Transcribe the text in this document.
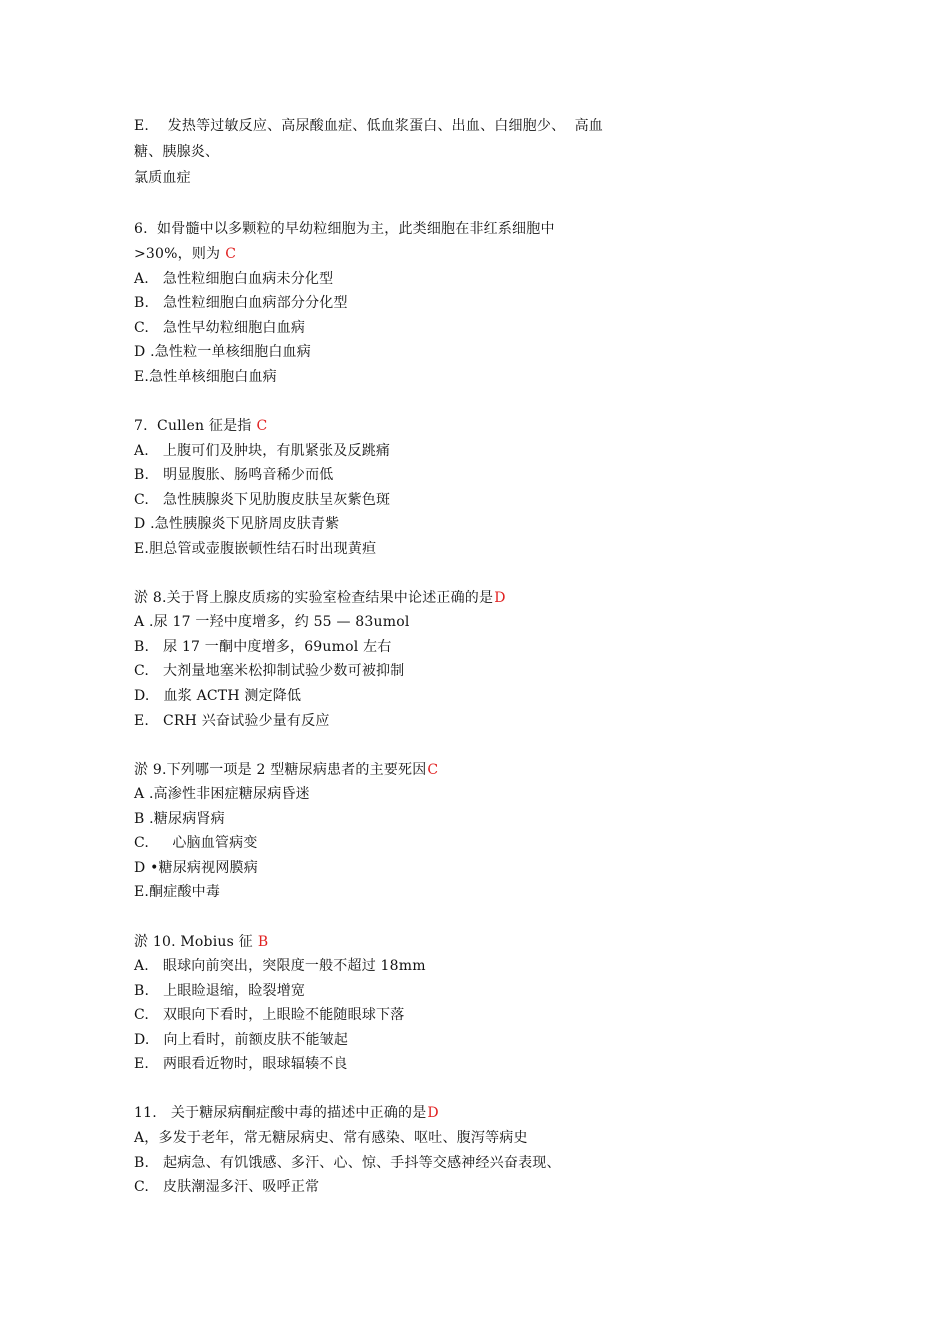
E.    发热等过敏反应、高尿酸血症、低血浆蛋白、出血、白细胞少、  高血
糖、胰腺炎、
氯质血症
6.  如骨髓中以多颗粒的早幼粒细胞为主，此类细胞在非红系细胞中
>30%，则为 C
A.   急性粒细胞白血病未分化型
B.   急性粒细胞白血病部分分化型
C.   急性早幼粒细胞白血病
D .急性粒一单核细胞白血病
E.急性单核细胞白血病
7.  Cullen 征是指 C
A.   上腹可们及肿块，有肌紧张及反跳痛
B.   明显腹胀、肠鸣音稀少而低
C.   急性胰腺炎下见肋腹皮肤呈灰紫色斑
D .急性胰腺炎下见脐周皮肤青紫
E.胆总管或壶腹嵌顿性结石时出现黄疸
淤 8.关于肾上腺皮质疡的实验室检查结果中论述正确的是D
A .尿 17 一羟中度增多，约 55 — 83umol
B.   尿 17 一酮中度增多，69umol 左右
C.   大剂量地塞米松抑制试验少数可被抑制
D.   血浆 ACTH 测定降低
E.   CRH 兴奋试验少量有反应
淤 9.下列哪一项是 2 型糖尿病患者的主要死因C
A .高渗性非困症糖尿病昏迷
B .糖尿病肾病
C.     心脑血管病变
D •糖尿病视网膜病
E.酮症酸中毒
淤 10. Mobius 征 B
A.   眼球向前突出，突限度一般不超过 18mm
B.   上眼睑退缩，睑裂增宽
C.   双眼向下看时，上眼睑不能随眼球下落
D.   向上看时，前额皮肤不能皱起
E.   两眼看近物时，眼球辐辏不良
11.   关于糖尿病酮症酸中毒的描述中正确的是D
A，多发于老年，常无糖尿病史、常有感染、呕吐、腹泻等病史
B.   起病急、有饥饿感、多汗、心、惊、手抖等交感神经兴奋表现、
C.   皮肤潮湿多汗、吸呼正常
